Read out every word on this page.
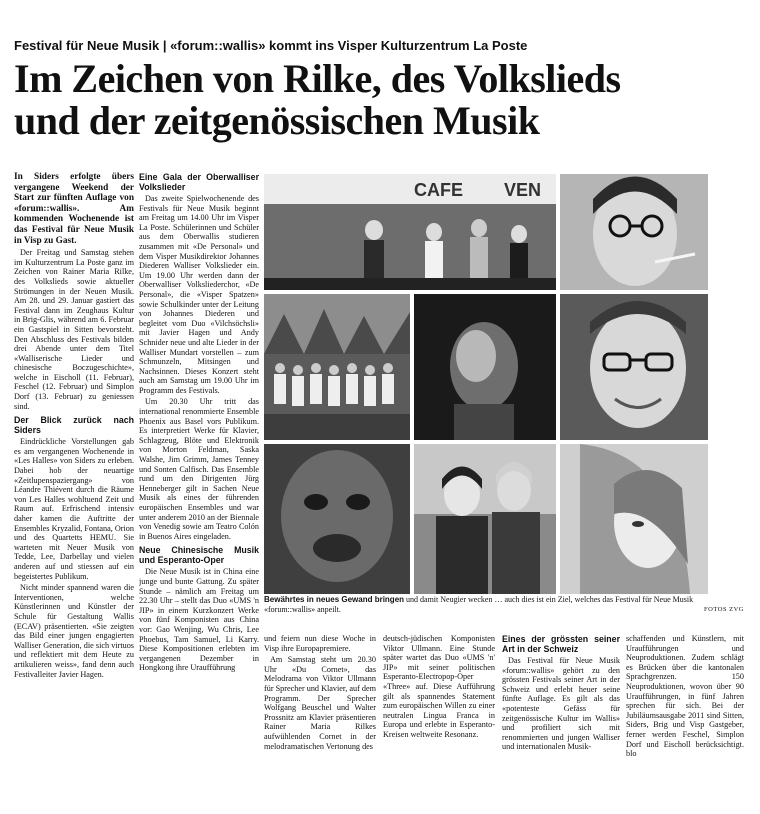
Festival für Neue Musik | «forum::wallis» kommt ins Visper Kulturzentrum La Poste
Im Zeichen von Rilke, des Volkslieds
und der zeitgenössischen Musik

In Siders erfolgte übers vergangene Weekend der Start zur fünften Auflage von «forum::wallis». Am kommenden Wochenende ist das Festival für Neue Musik in Visp zu Gast.

Der Freitag und Samstag stehen im Kulturzentrum La Poste ganz im Zeichen von Rainer Maria Rilke, des Volkslieds sowie aktueller Strömungen in der Neuen Musik. Am 28. und 29. Januar gastiert das Festival dann im Zeughaus Kultur in Brig-Glis, während am 6. Februar ein Gastspiel in Sitten bevorsteht. Den Abschluss des Festivals bilden drei Abende unter dem Titel «Walliserische Lieder und chinesische Boczugeschichte», welche in Eischoll (11. Februar), Feschel (12. Februar) und Simplon Dorf (13. Februar) zu geniessen sind.

Der Blick zurück nach Siders

Eindrückliche Vorstellungen gab es am vergangenen Wochenende in «Les Halles» von Siders zu erleben. Dabei hob der neuartige «Zeitlupenspaziergang» von Léandre Thiévent durch die Räume von Les Halles wohltuend Zeit und Raum auf. Erfrischend intensiv daher kamen die Auftritte der Ensembles Kryzalid, Fontana, Orion und des Quartetts HEMU. Sie warteten mit Neuer Musik von Tedde, Lee, Darbellay und vielen anderen auf und stiessen auf ein begeistertes Publikum.

Nicht minder spannend waren die Interventionen, welche Künstlerinnen und Künstler der Schule für Gestaltung Wallis (ECAV) präsentierten. «Sie zeigten das Bild einer jungen engagierten Walliser Generation, die sich virtuos und reflektiert mit dem Heute zu artikulieren weiss», fand denn auch Festivalleiter Javier Hagen.

Eine Gala der Oberwalliser Volkslieder

Das zweite Spielwochenende des Festivals für Neue Musik beginnt am Freitag um 14.00 Uhr im Visper La Poste. Schülerinnen und Schüler aus dem Oberwallis studieren zusammen mit «De Personal» und dem Visper Musikdirektor Johannes Diederen Walliser Volkslieder ein. Um 19.00 Uhr werden dann der Oberwalliser Volksliederchor, «De Personal», die «Visper Spatzen» sowie Schulkinder unter der Leitung von Johannes Diederen und begleitet vom Duo «Vilchsöchsli» mit Javier Hagen und Andy Schnider neue und alte Lieder in der Walliser Mundart vorstellen – zum Schmunzeln, Mitsingen und Nachsinnen. Dieses Konzert steht auch am Samstag um 19.00 Uhr im Programm des Festivals.

Um 20.30 Uhr tritt das international renommierte Ensemble Phoenix aus Basel vors Publikum. Es interpretiert Werke für Klavier, Schlagzeug, Blöte und Elektronik von Morton Feldman, Saska Walshe, Jim Grimm, James Tenney und Sonten Calfisch. Das Ensemble rund um den Dirigenten Jürg Henneberger gilt in Sachen Neue Musik als eines der führenden europäischen Ensembles und war unter anderem 2010 an der Biennale von Venedig sowie am Teatro Colón in Buenos Aires eingeladen.

Neue Chinesische Musik und Esperanto-Oper

Die Neue Musik ist in China eine junge und bunte Gattung. Zu später Stunde – nämlich am Freitag um 22.30 Uhr – stellt das Duo «UMS 'n JIP» in einem Kurzkonzert Werke von fünf Komponisten aus China vor: Gao Wenjing, Wu Chris, Lee Phoebus, Tam Samuel, Li Karry. Diese Kompositionen erlebten im vergangenen Dezember in Hongkong ihre Uraufführung

CAFE VEN
Bewährtes in neues Gewand bringen und damit Neugier wecken … auch dies ist ein Ziel, welches das Festival für Neue Musik «forum::wallis» anpeilt.	FOTOS ZVG

und feiern nun diese Woche in Visp ihre Europapremiere.

Am Samstag steht um 20.30 Uhr «Du Cornet», das Melodrama von Viktor Ullmann für Sprecher und Klavier, auf dem Programm. Der Sprecher Wolfgang Beuschel und Walter Prossnitz am Klavier präsentieren Rainer Maria Rilkes aufwühlenden Cornet in der melodramatischen Vertonung des

deutsch-jüdischen Komponisten Viktor Ullmann. Eine Stunde später wartet das Duo «UMS 'n' JIP» mit seiner politischen Esperanto-Electropop-Oper «Three» auf. Diese Aufführung gilt als spannendes Statement zum europäischen Willen zu einer neutralen Lingua Franca in Europa und erlebte in Esperanto-Kreisen weltweite Resonanz.

Eines der grössten seiner Art in der Schweiz

Das Festival für Neue Musik «forum::wallis» gehört zu den grössten Festivals seiner Art in der Schweiz und erlebt heuer seine fünfte Auflage. Es gilt als das «potenteste Gefäss für zeitgenössische Kultur im Wallis» und profiliert sich mit renommierten und jungen Walliser und internationalen Musik-

schaffenden und Künstlern, mit Uraufführungen und Neuproduktionen. Zudem schlägt es Brücken über die kantonalen Sprachgrenzen. 150 Neuproduktionen, wovon über 90 Uraufführungen, in fünf Jahren sprechen für sich. Bei der Jubiläumsausgabe 2011 sind Sitten, Siders, Brig und Visp Gastgeber, ferner werden Feschel, Simplon Dorf und Eischoll berücksichtigt. blo
